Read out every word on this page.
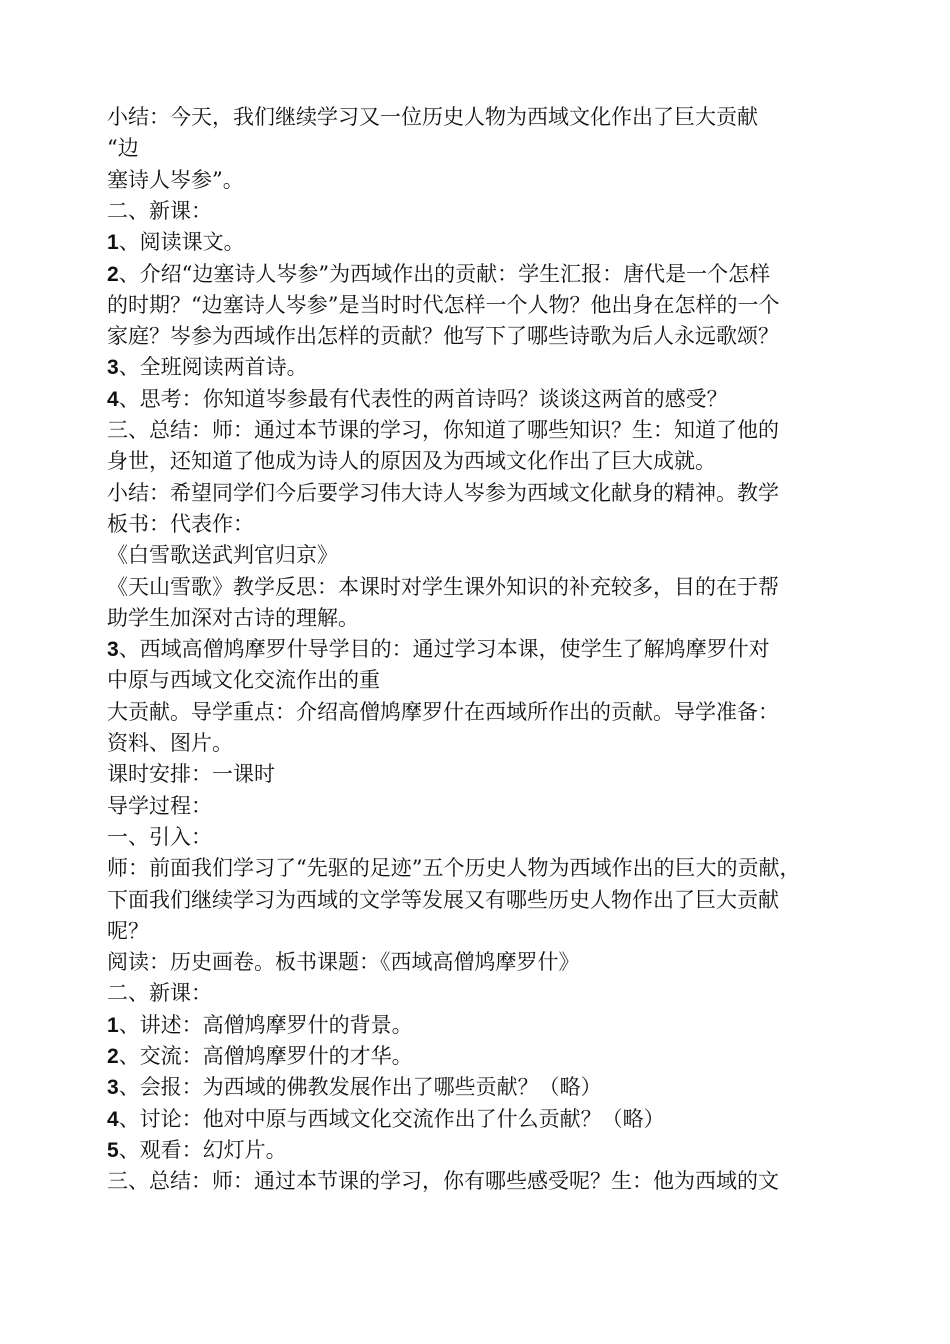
小结：今天，我们继续学习又一位历史人物为西域文化作出了巨大贡献
“边
塞诗人岑参”。
二、新课：
1、阅读课文。
2、介绍“边塞诗人岑参”为西域作出的贡献：学生汇报：唐代是一个怎样
的时期？“边塞诗人岑参”是当时时代怎样一个人物？他出身在怎样的一个
家庭？岑参为西域作出怎样的贡献？他写下了哪些诗歌为后人永远歌颂？
3、全班阅读两首诗。
4、思考：你知道岑参最有代表性的两首诗吗？谈谈这两首的感受？
三、总结：师：通过本节课的学习，你知道了哪些知识？生：知道了他的
身世，还知道了他成为诗人的原因及为西域文化作出了巨大成就。
小结：希望同学们今后要学习伟大诗人岑参为西域文化献身的精神。教学
板书：代表作：
《白雪歌送武判官归京》
《天山雪歌》教学反思：本课时对学生课外知识的补充较多，目的在于帮
助学生加深对古诗的理解。
3、西域高僧鸠摩罗什导学目的：通过学习本课，使学生了解鸠摩罗什对
中原与西域文化交流作出的重
大贡献。导学重点：介绍高僧鸠摩罗什在西域所作出的贡献。导学准备：
资料、图片。
课时安排：一课时
导学过程：
一、引入：
师：前面我们学习了“先驱的足迹”五个历史人物为西域作出的巨大的贡献，
下面我们继续学习为西域的文学等发展又有哪些历史人物作出了巨大贡献
呢？
阅读：历史画卷。板书课题：《西域高僧鸠摩罗什》
二、新课：
1、讲述：高僧鸠摩罗什的背景。
2、交流：高僧鸠摩罗什的才华。
3、会报：为西域的佛教发展作出了哪些贡献？（略）
4、讨论：他对中原与西域文化交流作出了什么贡献？（略）
5、观看：幻灯片。
三、总结：师：通过本节课的学习，你有哪些感受呢？生：他为西域的文
